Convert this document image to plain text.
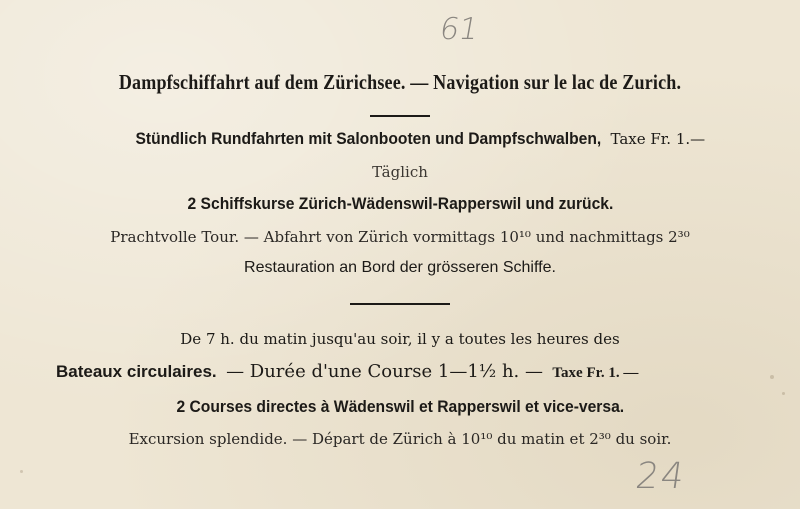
61
Dampfschiffahrt auf dem Zürichsee. — Navigation sur le lac de Zurich.
Stündlich Rundfahrten mit Salonbooten und Dampfschwalben, Taxe Fr. 1.—
Täglich
2 Schiffskurse Zürich-Wädenswil-Rapperswil und zurück.
Prachtvolle Tour. — Abfahrt von Zürich vormittags 10¹⁰ und nachmittags 2³⁰
Restauration an Bord der grösseren Schiffe.
De 7 h. du matin jusqu'au soir, il y a toutes les heures des
Bateaux circulaires. — Durée d'une Course 1—1½ h. — Taxe Fr. 1. —
2 Courses directes à Wädenswil et Rapperswil et vice-versa.
Excursion splendide. — Départ de Zürich à 10¹⁰ du matin et 2³⁰ du soir.
24
